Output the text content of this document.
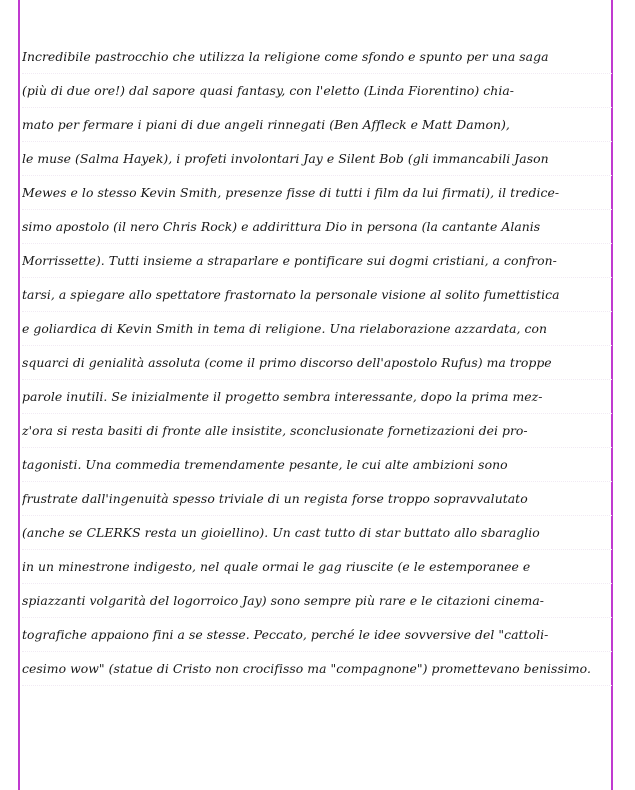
Incredibile pastrocchio che utilizza la religione come sfondo e spunto per una saga
(più di due ore!) dal sapore quasi fantasy, con l'eletto (Linda Fiorentino) chia-
mato per fermare i piani di due angeli rinnegati (Ben Affleck e Matt Damon),
le muse (Salma Hayek), i profeti involontari Jay e Silent Bob (gli immancabili Jason
Mewes e lo stesso Kevin Smith, presenze fisse di tutti i film da lui firmati), il tredice-
simo apostolo (il nero Chris Rock) e addirittura Dio in persona (la cantante Alanis
Morrissette). Tutti insieme a straparlare e pontificare sui dogmi cristiani, a confron-
tarsi, a spiegare allo spettatore frastornato la personale visione al solito fumettistica
e goliardica di Kevin Smith in tema di religione. Una rielaborazione azzardata, con
squarci di genialità assoluta (come il primo discorso dell'apostolo Rufus) ma troppe
parole inutili. Se inizialmente il progetto sembra interessante, dopo la prima mez-
z'ora si resta basiti di fronte alle insistite, sconclusionate fornetizazioni dei pro-
tagonisti. Una commedia tremendamente pesante, le cui alte ambizioni sono
frustrate dall'ingenuità spesso triviale di un regista forse troppo sopravvalutato
(anche se CLERKS resta un gioiellino). Un cast tutto di star buttato allo sbaraglio
in un minestrone indigesto, nel quale ormai le gag riuscite (e le estemporanee e
spiazzanti volgarità del logorroico Jay) sono sempre più rare e le citazioni cinema-
tografiche appaiono fini a se stesse. Peccato, perché le idee sovversive del "cattoli-
cesimo wow" (statue di Cristo non crocifisso ma "compagnone") promettevano benissimo.
